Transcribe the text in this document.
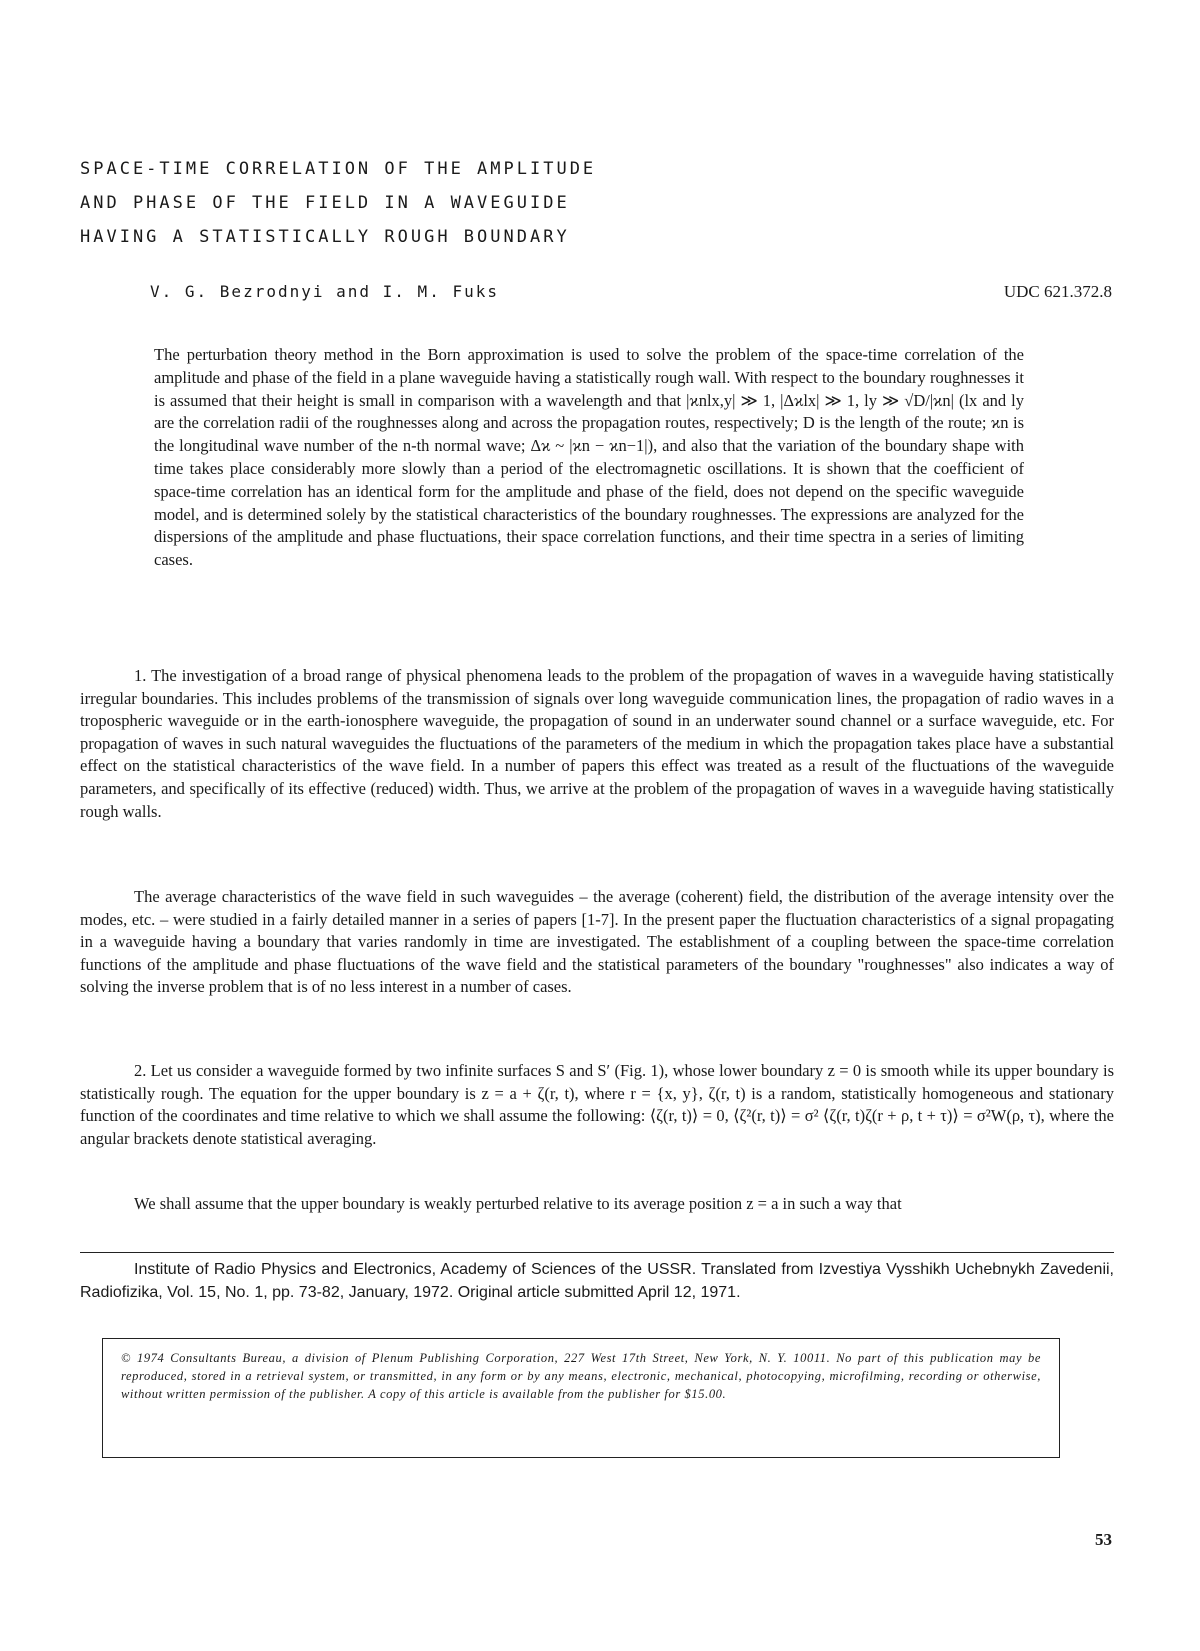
SPACE-TIME CORRELATION OF THE AMPLITUDE
AND PHASE OF THE FIELD IN A WAVEGUIDE
HAVING A STATISTICALLY ROUGH BOUNDARY
V. G. Bezrodnyi and I. M. Fuks	UDC 621.372.8
The perturbation theory method in the Born approximation is used to solve the problem of the space-time correlation of the amplitude and phase of the field in a plane waveguide having a statistically rough wall. With respect to the boundary roughnesses it is assumed that their height is small in comparison with a wavelength and that |ϰnlx,y| ≫ 1, |Δϰlx| ≫ 1, ly ≫ √D/|ϰn| (lx and ly are the correlation radii of the roughnesses along and across the propagation routes, respectively; D is the length of the route; ϰn is the longitudinal wave number of the n-th normal wave; Δϰ ~ |ϰn − ϰn−1|), and also that the variation of the boundary shape with time takes place considerably more slowly than a period of the electromagnetic oscillations. It is shown that the coefficient of space-time correlation has an identical form for the amplitude and phase of the field, does not depend on the specific waveguide model, and is determined solely by the statistical characteristics of the boundary roughnesses. The expressions are analyzed for the dispersions of the amplitude and phase fluctuations, their space correlation functions, and their time spectra in a series of limiting cases.

1. The investigation of a broad range of physical phenomena leads to the problem of the propagation of waves in a waveguide having statistically irregular boundaries. This includes problems of the transmission of signals over long waveguide communication lines, the propagation of radio waves in a tropospheric waveguide or in the earth-ionosphere waveguide, the propagation of sound in an underwater sound channel or a surface waveguide, etc. For propagation of waves in such natural waveguides the fluctuations of the parameters of the medium in which the propagation takes place have a substantial effect on the statistical characteristics of the wave field. In a number of papers this effect was treated as a result of the fluctuations of the waveguide parameters, and specifically of its effective (reduced) width. Thus, we arrive at the problem of the propagation of waves in a waveguide having statistically rough walls.

The average characteristics of the wave field in such waveguides – the average (coherent) field, the distribution of the average intensity over the modes, etc. – were studied in a fairly detailed manner in a series of papers [1-7]. In the present paper the fluctuation characteristics of a signal propagating in a waveguide having a boundary that varies randomly in time are investigated. The establishment of a coupling between the space-time correlation functions of the amplitude and phase fluctuations of the wave field and the statistical parameters of the boundary "roughnesses" also indicates a way of solving the inverse problem that is of no less interest in a number of cases.

2. Let us consider a waveguide formed by two infinite surfaces S and S′ (Fig. 1), whose lower boundary z = 0 is smooth while its upper boundary is statistically rough. The equation for the upper boundary is z = a + ζ(r, t), where r = {x, y}, ζ(r, t) is a random, statistically homogeneous and stationary function of the coordinates and time relative to which we shall assume the following: ⟨ζ(r, t)⟩ = 0, ⟨ζ²(r, t)⟩ = σ² ⟨ζ(r, t)ζ(r + ρ, t + τ)⟩ = σ²W(ρ, τ), where the angular brackets denote statistical averaging.

We shall assume that the upper boundary is weakly perturbed relative to its average position z = a in such a way that

Institute of Radio Physics and Electronics, Academy of Sciences of the USSR. Translated from Izvestiya Vysshikh Uchebnykh Zavedenii, Radiofizika, Vol. 15, No. 1, pp. 73-82, January, 1972. Original article submitted April 12, 1971.

© 1974 Consultants Bureau, a division of Plenum Publishing Corporation, 227 West 17th Street, New York, N. Y. 10011. No part of this publication may be reproduced, stored in a retrieval system, or transmitted, in any form or by any means, electronic, mechanical, photocopying, microfilming, recording or otherwise, without written permission of the publisher. A copy of this article is available from the publisher for $15.00.
53
